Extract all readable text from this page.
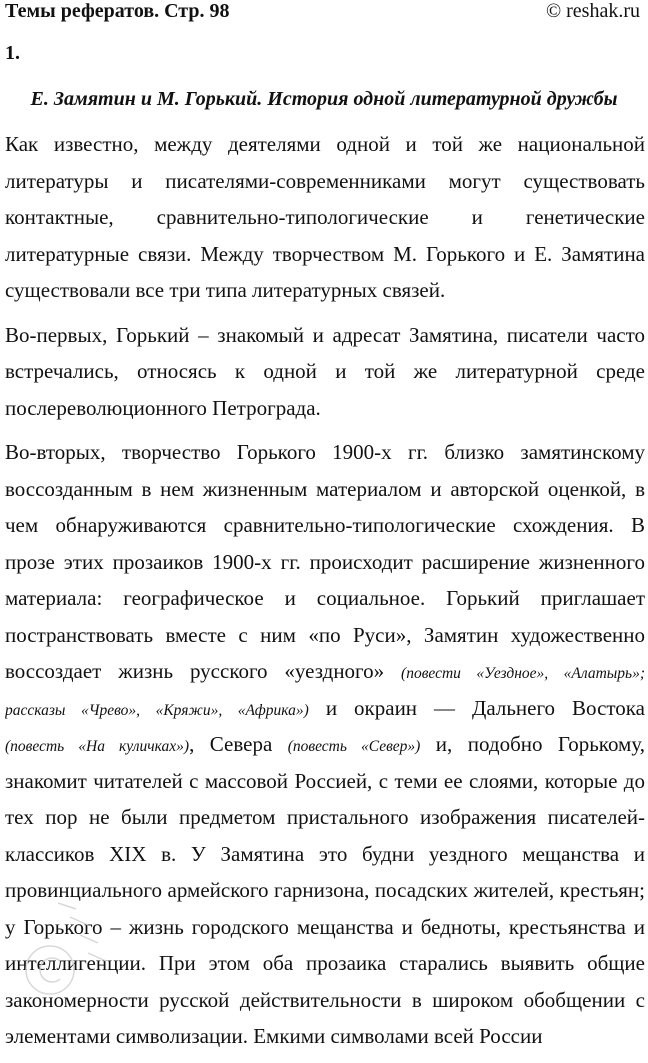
Темы рефератов. Стр. 98	© reshak.ru
1.
Е. Замятин и М. Горький. История одной литературной дружбы
Как известно, между деятелями одной и той же национальной
литературы и писателями-современниками могут существовать
контактные, сравнительно-типологические и генетические
литературные связи. Между творчеством М. Горького и Е. Замятина
существовали все три типа литературных связей.
Во-первых, Горький – знакомый и адресат Замятина, писатели часто
встречались, относясь к одной и той же литературной среде
послереволюционного Петрограда.
Во-вторых, творчество Горького 1900-х гг. близко замятинскому
воссозданным в нем жизненным материалом и авторской оценкой, в
чем обнаруживаются сравнительно-типологические схождения. В
прозе этих прозаиков 1900-х гг. происходит расширение жизненного
материала: географическое и социальное. Горький приглашает
постранствовать вместе с ним «по Руси», Замятин художественно
воссоздает жизнь русского «уездного» (повести «Уездное», «Алатырь»;
рассказы «Чрево», «Кряжи», «Африка») и окраин — Дальнего Востока
(повесть «На куличках»), Севера (повесть «Север») и, подобно Горькому,
знакомит читателей с массовой Россией, с теми ее слоями, которые до
тех пор не были предметом пристального изображения писателей-
классиков XIX в. У Замятина это будни уездного мещанства и
провинциального армейского гарнизона, посадских жителей, крестьян;
у Горького – жизнь городского мещанства и бедноты, крестьянства и
интеллигенции. При этом оба прозаика старались выявить общие
закономерности русской действительности в широком обобщении с
элементами символизации. Емкими символами всей России
